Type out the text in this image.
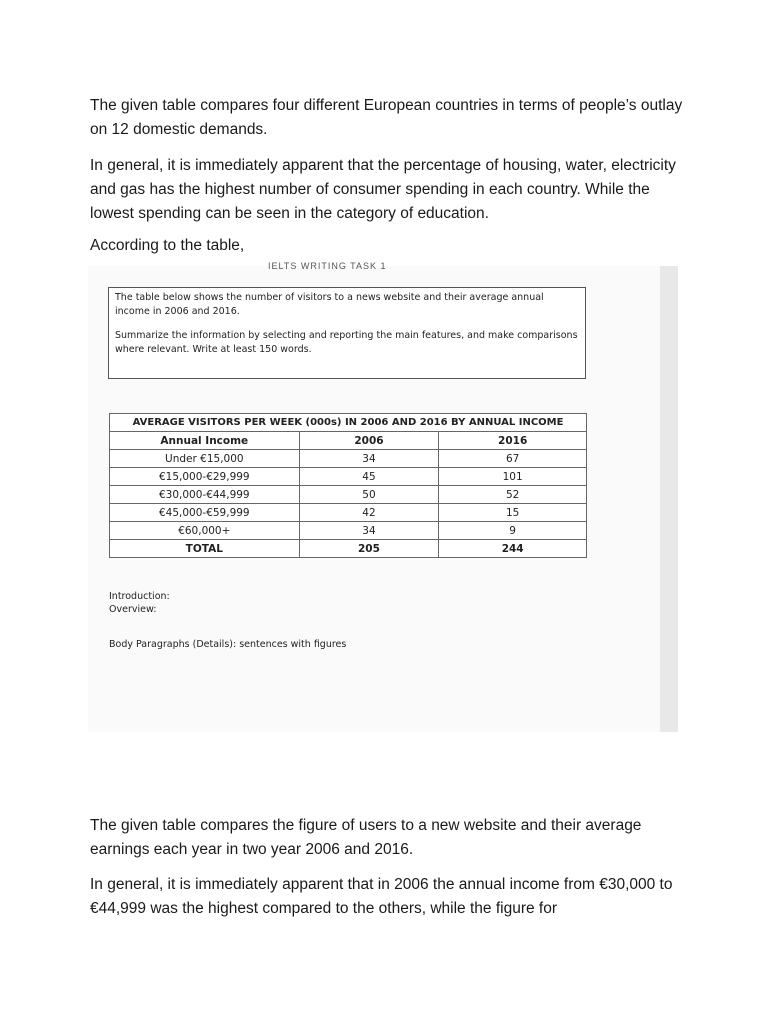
The given table compares four different European countries in terms of people’s outlay on 12 domestic demands.

In general, it is immediately apparent that the percentage of housing, water, electricity and gas has the highest number of consumer spending in each country. While the lowest spending can be seen in the category of education.

According to the table,

IELTS WRITING TASK 1

The table below shows the number of visitors to a news website and their average annual income in 2006 and 2016.

Summarize the information by selecting and reporting the main features, and make comparisons where relevant. Write at least 150 words.

AVERAGE VISITORS PER WEEK (000s) IN 2006 AND 2016 BY ANNUAL INCOME		
Annual Income	2006	2016
Under €15,000	34	67
€15,000-€29,999	45	101
€30,000-€44,999	50	52
€45,000-€59,999	42	15
€60,000+	34	9
TOTAL	205	244
Introduction:
Overview:
Body Paragraphs (Details): sentences with figures

The given table compares the figure of users to a new website and their average earnings each year in two year 2006 and 2016.

In general, it is immediately apparent that in 2006 the annual income from €30,000 to €44,999 was the highest compared to the others, while the figure for
